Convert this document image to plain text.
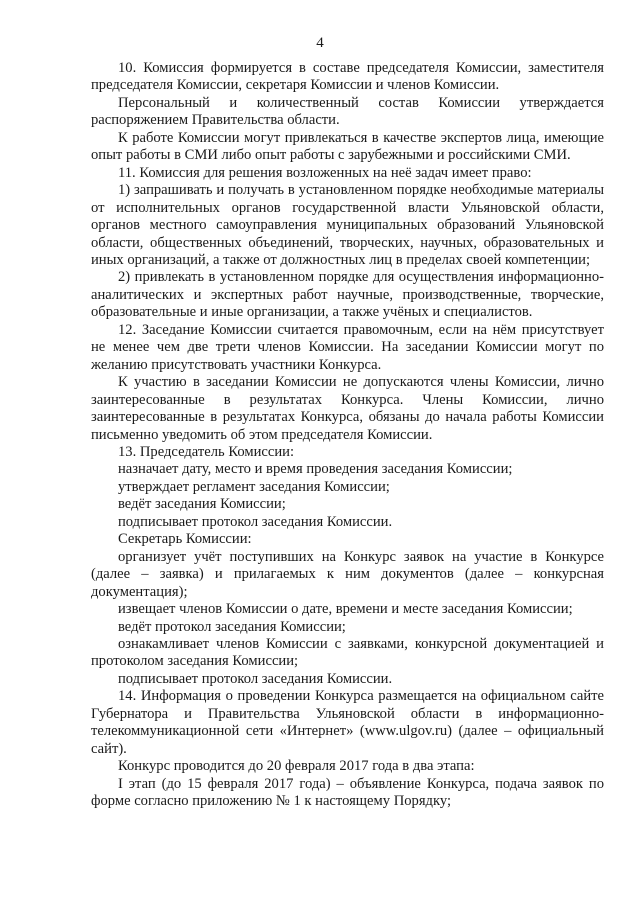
4

10. Комиссия формируется в составе председателя Комиссии, заместителя председателя Комиссии, секретаря Комиссии и членов Комиссии.

Персональный и количественный состав Комиссии утверждается распоряжением Правительства области.

К работе Комиссии могут привлекаться в качестве экспертов лица, имеющие опыт работы в СМИ либо опыт работы с зарубежными и российскими СМИ.

11. Комиссия для решения возложенных на неё задач имеет право:

1) запрашивать и получать в установленном порядке необходимые материалы от исполнительных органов государственной власти Ульяновской области, органов местного самоуправления муниципальных образований Ульяновской области, общественных объединений, творческих, научных, образовательных и иных организаций, а также от должностных лиц в пределах своей компетенции;

2) привлекать в установленном порядке для осуществления информационно-аналитических и экспертных работ научные, производственные, творческие, образовательные и иные организации, а также учёных и специалистов.

12. Заседание Комиссии считается правомочным, если на нём присутствует не менее чем две трети членов Комиссии. На заседании Комиссии могут по желанию присутствовать участники Конкурса.

К участию в заседании Комиссии не допускаются члены Комиссии, лично заинтересованные в результатах Конкурса. Члены Комиссии, лично заинтересованные в результатах Конкурса, обязаны до начала работы Комиссии письменно уведомить об этом председателя Комиссии.

13. Председатель Комиссии:

назначает дату, место и время проведения заседания Комиссии;

утверждает регламент заседания Комиссии;

ведёт заседания Комиссии;

подписывает протокол заседания Комиссии.

Секретарь Комиссии:

организует учёт поступивших на Конкурс заявок на участие в Конкурсе (далее – заявка) и прилагаемых к ним документов (далее – конкурсная документация);

извещает членов Комиссии о дате, времени и месте заседания Комиссии;

ведёт протокол заседания Комиссии;

ознакамливает членов Комиссии с заявками, конкурсной документацией и протоколом заседания Комиссии;

подписывает протокол заседания Комиссии.

14. Информация о проведении Конкурса размещается на официальном сайте Губернатора и Правительства Ульяновской области в информационно-телекоммуникационной сети «Интернет» (www.ulgov.ru) (далее – официальный сайт).

Конкурс проводится до 20 февраля 2017 года в два этапа:

I этап (до 15 февраля 2017 года) – объявление Конкурса, подача заявок по форме согласно приложению № 1 к настоящему Порядку;
